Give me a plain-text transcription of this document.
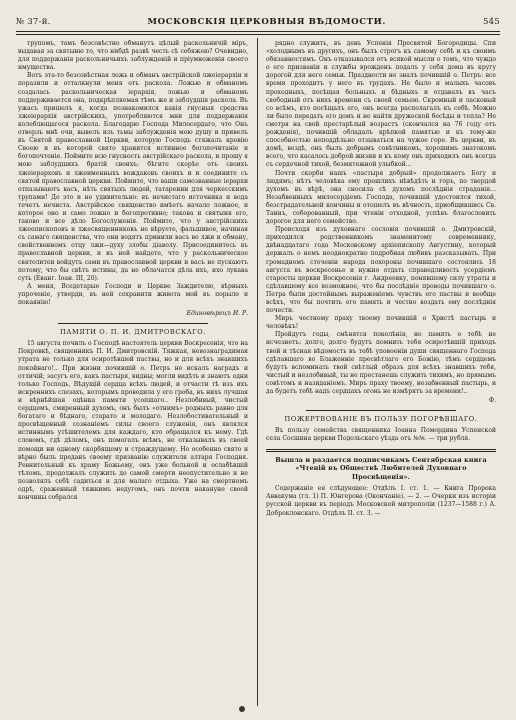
№ 37-й.	МОСКОВСКІЯ ЦЕРКОВНЫЯ ВѢДОМОСТИ.	545

трупомъ, тамъ безсовѣстно обманутъ цѣлый раскольничій міръ, выдавая за святыню то, что нибдѣ развѣ честь сѣ себяжею? Очевидно, для поддержанія раскольничьихъ заблужденій и пріумноженія своего имущества.

Вотъ эта-то безсовѣстная ложь и обманъ австрійской лжеіерархіи и поразили и отталкнули меня отъ раскола. Ложью и обманомъ создалась раскольническая іерархія, ложью и обманомъ поддерживается она, подкрѣпляемая тѣмъ же и заблудшія раскола. Въ ужасъ пришелъ я, когда познакомился какія гнусныя средства лжеіерархія австрійскихъ, употребляются мни для поддержанія колеблющагося раскола. Благодарю Господа Милосердаго, что Онъ отверзъ мнѣ очи, вывелъ изъ тьмы заблужденія мою душу и привелъ въ Святой православной Церкви, которую Господь стяжалъ кровію Своею и въ которой свято хранится истинное богопочитаніе и богопочтеніе. Поймите всю гнусность австрійскаго раскола, и прошу я мою заблудшихъ братій своихъ: бѣгите скорѣе отъ своихъ лжеіерарховъ и лжеименныхъ вождаковъ своихъ и и соедините съ святой православной церкви. Поймите, что ваши самозванные іерархи отпазываютъ васъ, нѣть святыхъ людей, татаренин для черкесскимъ трупами! До это и не удивительно: въ нечистаго источника и вода течетъ нечиста. Австрійское священство имѣетъ начало ложное, и которое оно и само ложно и богопротивно; такова и святыня его, таково и все дѣло Богослуженія. Поймите, что у австрійскихъ лжеепископовъ и лжесвященниковъ не вѣруете, фальшивое, начиная съ самаго священства, что они водятъ принили васъ во лжи и обману, свойственномъ отцу лжи—духу злобы діаволу. Присоединитесь въ православной церкви, и въ ней найдете, что у раскольническое святолитеи войдутъ сами въ православной церкви и васъ не пускаютъ потому, что бы свѣтъ истины, да не облачатся дѣла ихъ, ихо лукава суть (Еванг. Іоан. III, 20).

А меня, Вседетарые Господи и Церкве Заждителю, вѣрныхъ упроченіе, утверди, въ ней сохранити живота мой въ порыло и покаянію!

Единовѣрецъ И. Р.
ПАМЯТИ О. П. И. ДМИТРОВСКАГО.

15 августа почилъ о Господѣ настоятель церкви Воскресенія, что на Покровкѣ, священникъ П. И. Дмитровскій. Тяжкая, невознаградимая утрата не только для осиротѣвшей паствы, но и для всѣхъ знавшихъ покойнаго!.. При жизни почившій о. Петръ не искалъ наградъ и отличій; засугъ его, какъ пастыря, видны; могли видѣть и знаютъ одни только Господь, Вѣдущій сердца всѣхъ людей, и отчасти тѣ изъ ихъ искреннихъ слезахъ, которымъ проводила у его гроба, въ нихъ лучшая и вѣрнѣйшая оцѣнка памяти усопшаго.. Незлобивый, чистый сердцемъ, смиренный духомъ, онъ былъ «отнимъ» родныхъ равно для богатаго и бѣднаго, старато и молодаго. Незлобостивательный и просвѣщенный сознаніемъ силы своего служенія, онъ являлся истиннымъ утѣшителемъ для каждаго, кто обращался къ нему. Гдѣ словомъ, гдѣ дѣломъ, онъ помогалъ всѣмъ, не отказывалъ въ своей помощи ни одному скорбящему и страждущему. Но особенно свято и вѣрно былъ преданъ своему призванію служителя алтаря Господня. Ревнительный къ храму Божьему, онъ уже больной и ослабѣвшій тѣломъ, продолжалъ служить до самой смерти неопустительно и не позволялъ себѣ садиться и для малаго отдыха. Уже на смертномъ одрѣ, сраженный тяжкимъ недугомъ, онъ почти накануне своей кончины собрался

рядно служить, въ день Успенія Пресвятой Богородицы. Спи «холоднымъ въ другихъ, онъ былъ строгъ къ самому себѣ и къ своимъ обязанностямъ. Онъ отказывался отъ всякой мысли о томъ, что чуждо о его призваніи и службы врожденъ подалъ у себя дома въ кругу дорогой для него семьи. Праздности не зналъ почившій о. Петръ: все время проходитъ у него въ трудахъ. Не было и малыхъ часовъ проходныхъ, посѣщая больныхъ и бѣдныхъ и отдавалъ въ часъ свободный отъ нихъ времени съ своей семьею. Скромный и ласковый со всѣмъ, кто посѣщалъ его, онъ всегда располагалъ къ себѣ. Можно ли было передать его домъ и не найти дружеской бесѣды и тепла? Не смотря на свой престарѣлый возрастъ (скончался на 76 году отъ рожденія), почившій обладалъ крѣпкой памятью и къ тому-же способностью неподдѣльно отзываться на чужое горе. Въ церкви, въ домѣ, вездѣ, онъ былъ добрымъ совѣтникомъ, хорошимъ знатокомъ всего, что касалось доброй жизни и къ кому онъ приходилъ онъ всегда съ сердечной тихой, безмятежной улыбкой...

Почти скорби нашъ «пастыря добрый» продолжаетъ Богу и людямъ; нѣтъ человѣка ему прошлихъ нѣвѣдѣть и горъ, по твердой духомъ въ вѣрѣ, она сносила сѣ духомъ послѣднія страданія... Незабвенныхъ милосердіемъ Господа, почившій удостоился тихой, безстрадательной кончины и отошелъ въ вѣчность, приобщившись Св. Таинъ, соборованный, при чтеніи отходной, успѣвъ благословить дорогое для него семейство.

Происходя изъ духовнаго сословія почившій о. Дмитровскій, приходился родственникомъ знаменитому современнику, двѣнадцатаго года Московскому архіепископу Августину, который держалъ о немъ неоднократно подробная любивъ разсказывать. При громадномъ стеченіи народа похороны почившаго состоялись 18 августа въ воскресенье и нужно отдать справедливость усердіемъ старосты церкви Воскресенія г. Андреевку, понявшему силу утраты и сдѣлавшему все возможное, что бы послѣдніе проводы почившаго о. Петра были достойнымъ выраженіемъ чувствъ его паствы и вообще всѣхъ, что бы почтить его память и честно воздать ему послѣднія почести.

Миръ честному праху твоему почившій о Христѣ пастырь и человѣкъ!

Пройдутъ годы, смѣнятся поколѣнія, но память о тебѣ не исчезнетъ: долго, долго будутъ помнить тебя осиротѣвшій приходъ твой и тѣсная вѣдомость въ тебѣ уповоеніи души священнаго Господа сдѣлавшаго во Блаженніе пресвѣтлаго его Божію, тѣмъ сердцемъ будутъ вспоминать твой свѣтлый образъ для всѣхъ знавшихъ тебя, чистый и незлобивый, ты не престанешь служить тихимъ, но прямымъ совѣтомъ и назиданіемъ. Миръ праху твоему, незабвенный пастырь, и да будетъ тебѣ надъ сердцахъ огонь не измѣрятъ за времени!..

Ф.
ПОЖЕРТВОВАНІЕ ВЪ ПОЛЬЗУ ПОГОРѢВШАГО.

Въ пользу семейства священника Іоанна Помордина Успенской села Сосшина церкви Подольскаго уѣзда отъ №№. — три рубля.

Вышла и раздается подписчикамъ Сентябрская книга «Чтеній въ Обществѣ Любителей Духовнаго Просвѣщенія».

Содержаніе ея слѣдующее: Отдѣлъ I. ст. 1. — Книга Пророка Аввакума (гл. 1) П. Юнгерова (Окончаніе). — 2. — Очерки изъ исторіи русской церкви въ періодъ Московской митрополіи (1237—1588 г.) А. Доброклонскаго. Отдѣлъ II. ст. 3. —
